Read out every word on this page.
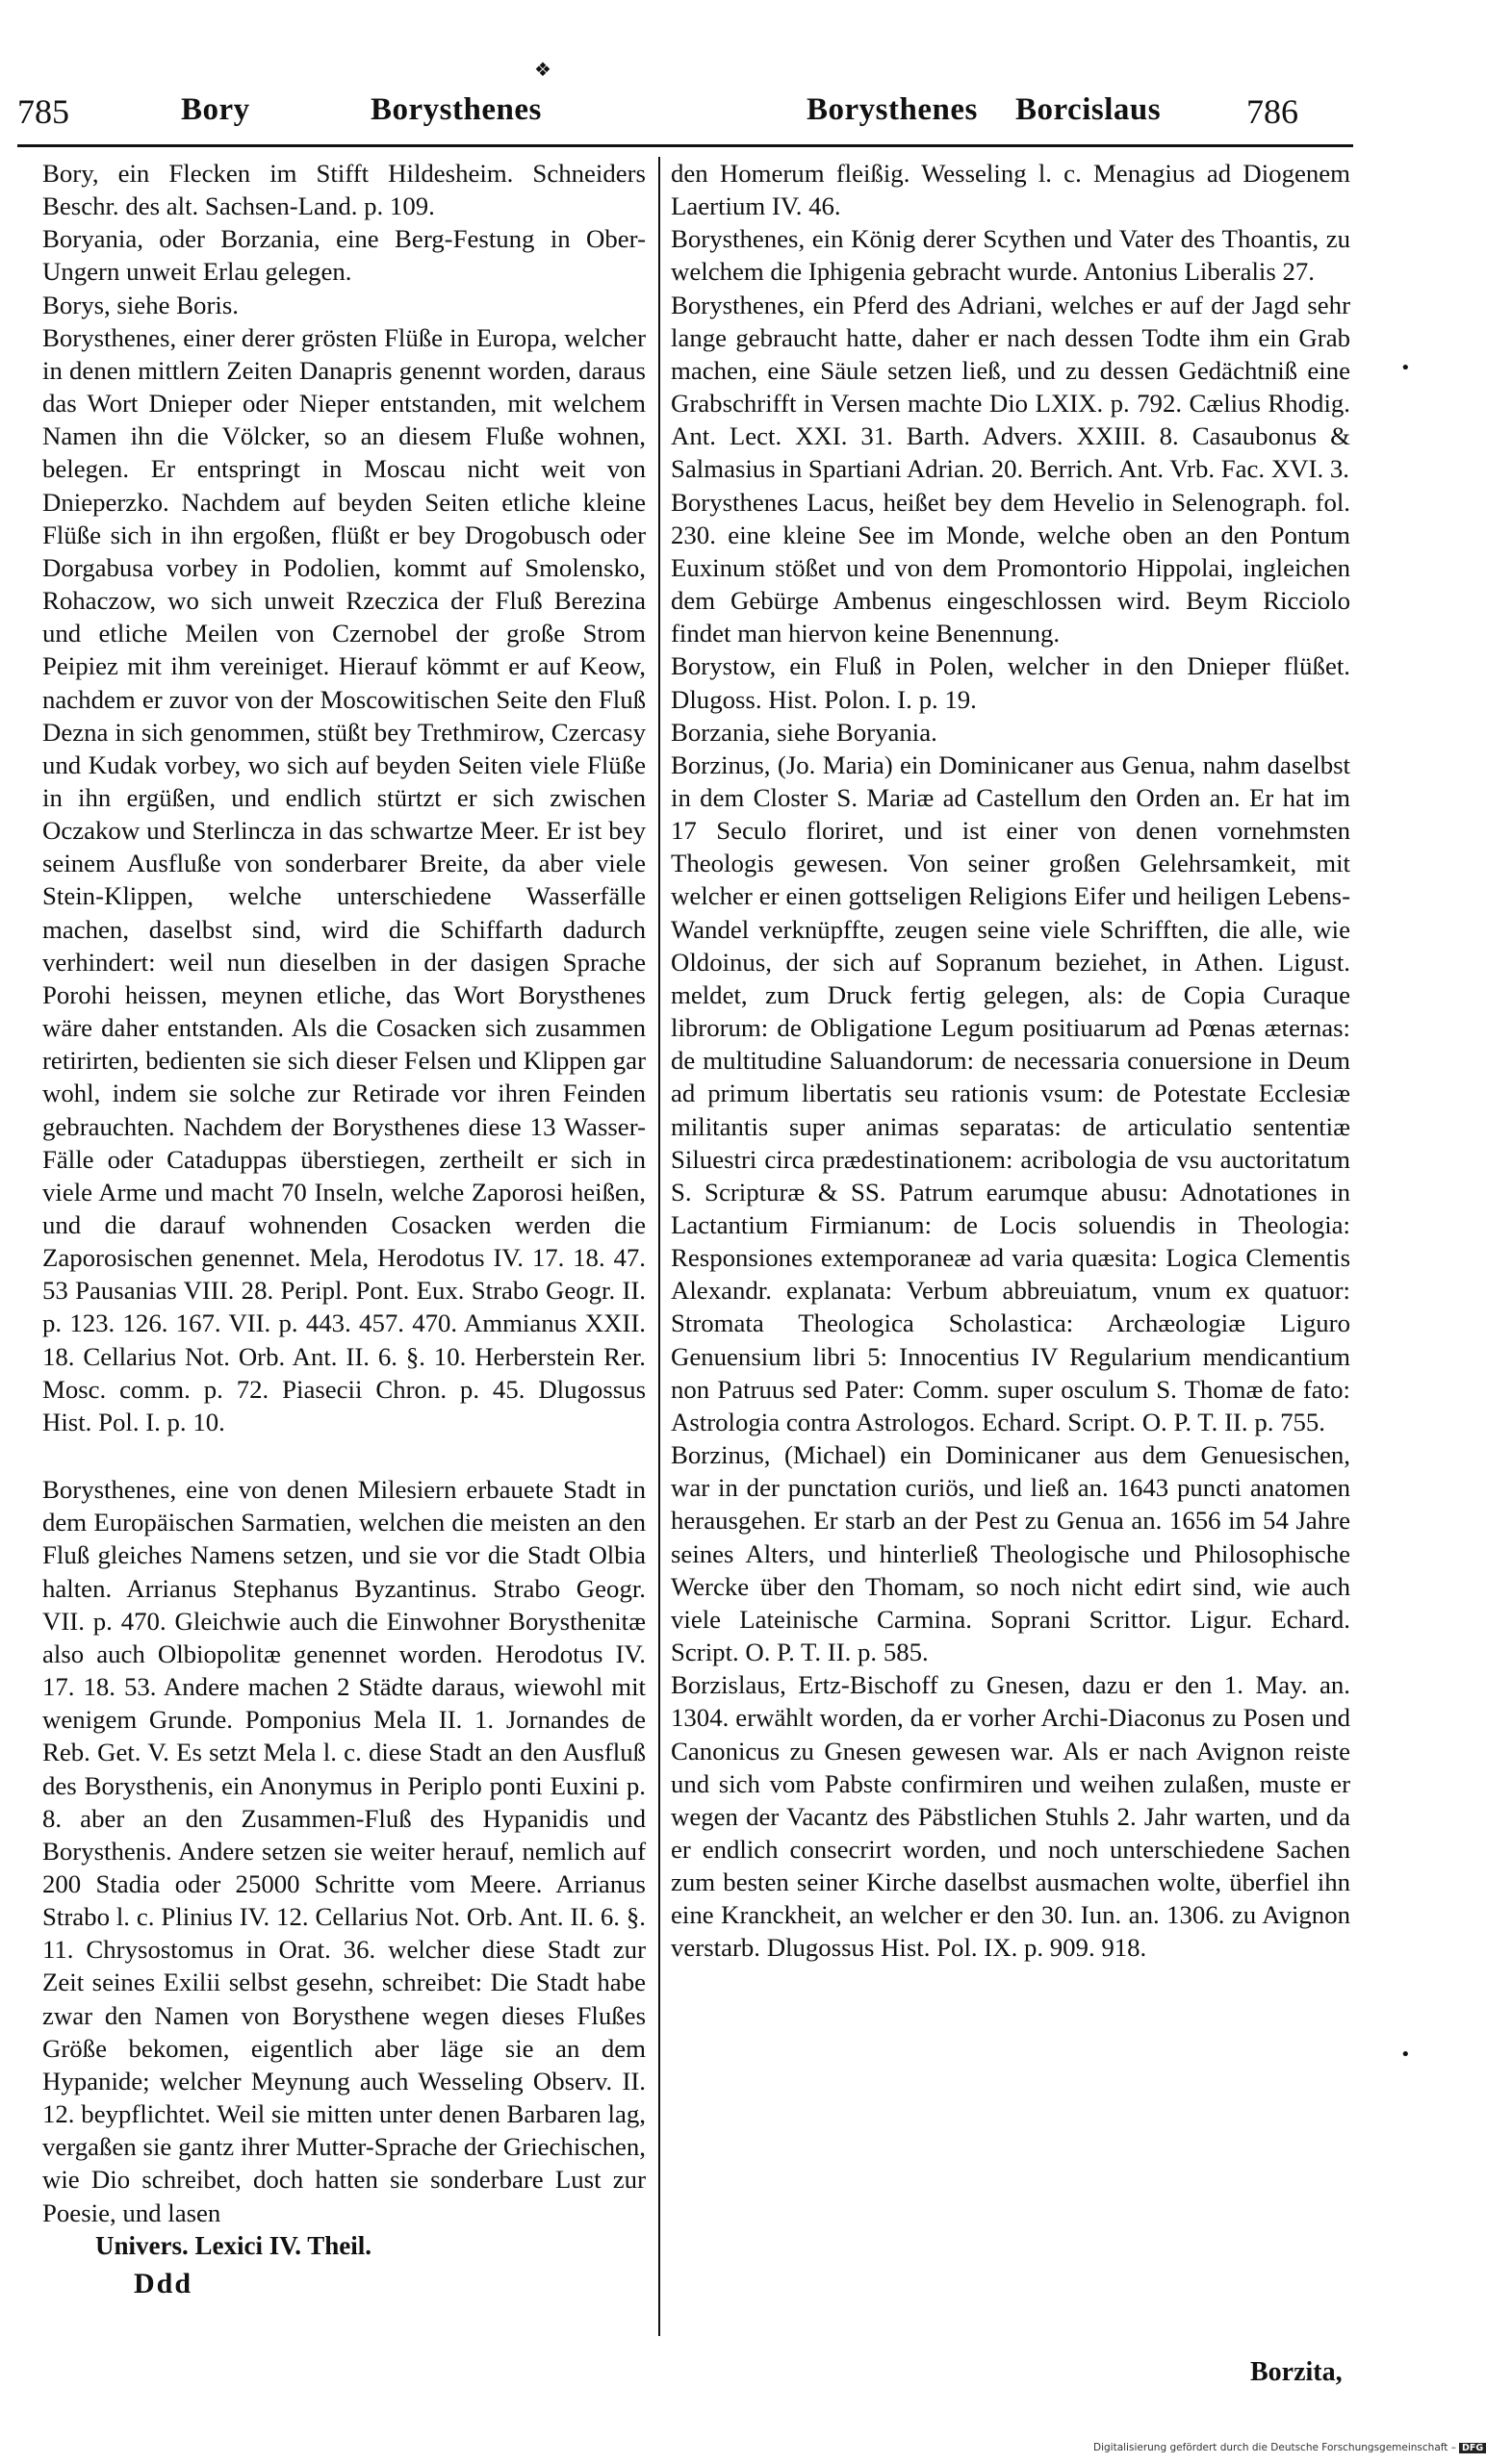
❖
785	Bory	Borysthenes	Borysthenes Borcislaus 786

Bory, ein Flecken im Stifft Hildesheim. Schneiders Beschr. des alt. Sachsen-Land. p. 109.

Boryania, oder Borzania, eine Berg-Festung in Ober-Ungern unweit Erlau gelegen.

Borys, siehe Boris.

Borysthenes, einer derer grösten Flüße in Europa, welcher in denen mittlern Zeiten Danapris genennt worden, daraus das Wort Dnieper oder Nieper entstanden, mit welchem Namen ihn die Völcker, so an diesem Fluße wohnen, belegen. Er entspringt in Moscau nicht weit von Dnieperzko. Nachdem auf beyden Seiten etliche kleine Flüße sich in ihn ergoßen, flüßt er bey Drogobusch oder Dorgabusa vorbey in Podolien, kommt auf Smolensko, Rohaczow, wo sich unweit Rzeczica der Fluß Berezina und etliche Meilen von Czernobel der große Strom Peipiez mit ihm vereiniget. Hierauf kömmt er auf Keow, nachdem er zuvor von der Moscowitischen Seite den Fluß Dezna in sich genommen, stüßt bey Trethmirow, Czercasy und Kudak vorbey, wo sich auf beyden Seiten viele Flüße in ihn ergüßen, und endlich stürtzt er sich zwischen Oczakow und Sterlincza in das schwartze Meer. Er ist bey seinem Ausfluße von sonderbarer Breite, da aber viele Stein-Klippen, welche unterschiedene Wasserfälle machen, daselbst sind, wird die Schiffarth dadurch verhindert: weil nun dieselben in der dasigen Sprache Porohi heissen, meynen etliche, das Wort Borysthenes wäre daher entstanden. Als die Cosacken sich zusammen retirirten, bedienten sie sich dieser Felsen und Klippen gar wohl, indem sie solche zur Retirade vor ihren Feinden gebrauchten. Nachdem der Borysthenes diese 13 Wasser-Fälle oder Cataduppas überstiegen, zertheilt er sich in viele Arme und macht 70 Inseln, welche Zaporosi heißen, und die darauf wohnenden Cosacken werden die Zaporosischen genennet. Mela, Herodotus IV. 17. 18. 47. 53 Pausanias VIII. 28. Peripl. Pont. Eux. Strabo Geogr. II. p. 123. 126. 167. VII. p. 443. 457. 470. Ammianus XXII. 18. Cellarius Not. Orb. Ant. II. 6. §. 10. Herberstein Rer. Mosc. comm. p. 72. Piasecii Chron. p. 45. Dlugossus Hist. Pol. I. p. 10.

Borysthenes, eine von denen Milesiern erbauete Stadt in dem Europäischen Sarmatien, welchen die meisten an den Fluß gleiches Namens setzen, und sie vor die Stadt Olbia halten. Arrianus Stephanus Byzantinus. Strabo Geogr. VII. p. 470. Gleichwie auch die Einwohner Borysthenitæ also auch Olbiopolitæ genennet worden. Herodotus IV. 17. 18. 53. Andere machen 2 Städte daraus, wiewohl mit wenigem Grunde. Pomponius Mela II. 1. Jornandes de Reb. Get. V. Es setzt Mela l. c. diese Stadt an den Ausfluß des Borysthenis, ein Anonymus in Periplo ponti Euxini p. 8. aber an den Zusammen-Fluß des Hypanidis und Borysthenis. Andere setzen sie weiter herauf, nemlich auf 200 Stadia oder 25000 Schritte vom Meere. Arrianus Strabo l. c. Plinius IV. 12. Cellarius Not. Orb. Ant. II. 6. §. 11. Chrysostomus in Orat. 36. welcher diese Stadt zur Zeit seines Exilii selbst gesehn, schreibet: Die Stadt habe zwar den Namen von Borysthene wegen dieses Flußes Größe bekomen, eigentlich aber läge sie an dem Hypanide; welcher Meynung auch Wesseling Observ. II. 12. beypflichtet. Weil sie mitten unter denen Barbaren lag, vergaßen sie gantz ihrer Mutter-Sprache der Griechischen, wie Dio schreibet, doch hatten sie sonderbare Lust zur Poesie, und lasen

Univers. Lexici IV. Theil.

Ddd

den Homerum fleißig. Wesseling l. c. Menagius ad Diogenem Laertium IV. 46.

Borysthenes, ein König derer Scythen und Vater des Thoantis, zu welchem die Iphigenia gebracht wurde. Antonius Liberalis 27.

Borysthenes, ein Pferd des Adriani, welches er auf der Jagd sehr lange gebraucht hatte, daher er nach dessen Todte ihm ein Grab machen, eine Säule setzen ließ, und zu dessen Gedächtniß eine Grabschrifft in Versen machte Dio LXIX. p. 792. Cælius Rhodig. Ant. Lect. XXI. 31. Barth. Advers. XXIII. 8. Casaubonus & Salmasius in Spartiani Adrian. 20. Berrich. Ant. Vrb. Fac. XVI. 3.

Borysthenes Lacus, heißet bey dem Hevelio in Selenograph. fol. 230. eine kleine See im Monde, welche oben an den Pontum Euxinum stößet und von dem Promontorio Hippolai, ingleichen dem Gebürge Ambenus eingeschlossen wird. Beym Ricciolo findet man hiervon keine Benennung.

Borystow, ein Fluß in Polen, welcher in den Dnieper flüßet. Dlugoss. Hist. Polon. I. p. 19.

Borzania, siehe Boryania.

Borzinus, (Jo. Maria) ein Dominicaner aus Genua, nahm daselbst in dem Closter S. Mariæ ad Castellum den Orden an. Er hat im 17 Seculo floriret, und ist einer von denen vornehmsten Theologis gewesen. Von seiner großen Gelehrsamkeit, mit welcher er einen gottseligen Religions Eifer und heiligen Lebens-Wandel verknüpffte, zeugen seine viele Schrifften, die alle, wie Oldoinus, der sich auf Sopranum beziehet, in Athen. Ligust. meldet, zum Druck fertig gelegen, als: de Copia Curaque librorum: de Obligatione Legum positiuarum ad Pœnas æternas: de multitudine Saluandorum: de necessaria conuersione in Deum ad primum libertatis seu rationis vsum: de Potestate Ecclesiæ militantis super animas separatas: de articulatio sententiæ Siluestri circa prædestinationem: acribologia de vsu auctoritatum S. Scripturæ & SS. Patrum earumque abusu: Adnotationes in Lactantium Firmianum: de Locis soluendis in Theologia: Responsiones extemporaneæ ad varia quæsita: Logica Clementis Alexandr. explanata: Verbum abbreuiatum, vnum ex quatuor: Stromata Theologica Scholastica: Archæologiæ Liguro Genuensium libri 5: Innocentius IV Regularium mendicantium non Patruus sed Pater: Comm. super osculum S. Thomæ de fato: Astrologia contra Astrologos. Echard. Script. O. P. T. II. p. 755.

Borzinus, (Michael) ein Dominicaner aus dem Genuesischen, war in der punctation curiös, und ließ an. 1643 puncti anatomen herausgehen. Er starb an der Pest zu Genua an. 1656 im 54 Jahre seines Alters, und hinterließ Theologische und Philosophische Wercke über den Thomam, so noch nicht edirt sind, wie auch viele Lateinische Carmina. Soprani Scrittor. Ligur. Echard. Script. O. P. T. II. p. 585.

Borzislaus, Ertz-Bischoff zu Gnesen, dazu er den 1. May. an. 1304. erwählt worden, da er vorher Archi-Diaconus zu Posen und Canonicus zu Gnesen gewesen war. Als er nach Avignon reiste und sich vom Pabste confirmiren und weihen zulaßen, muste er wegen der Vacantz des Päbstlichen Stuhls 2. Jahr warten, und da er endlich consecrirt worden, und noch unterschiedene Sachen zum besten seiner Kirche daselbst ausmachen wolte, überfiel ihn eine Kranckheit, an welcher er den 30. Iun. an. 1306. zu Avignon verstarb. Dlugossus Hist. Pol. IX. p. 909. 918.

Borzita,
•
•
Digitalisierung gefördert durch die Deutsche Forschungsgemeinschaft – DFG
